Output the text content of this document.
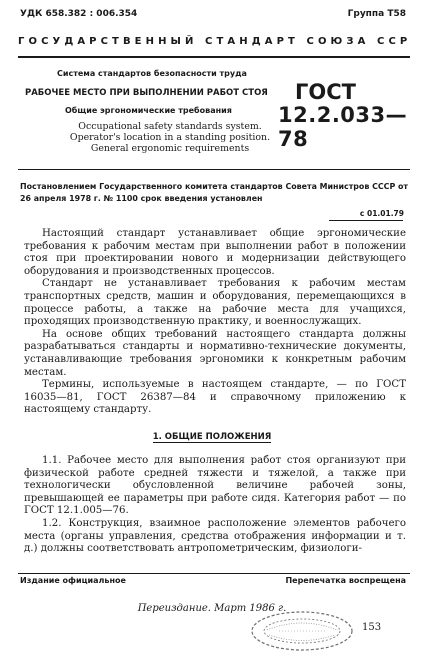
УДК 658.382 : 006.354	Группа Т58
ГОСУДАРСТВЕННЫЙ СТАНДАРТ СОЮЗА ССР
Система стандартов безопасности труда
РАБОЧЕЕ МЕСТО ПРИ ВЫПОЛНЕНИИ РАБОТ СТОЯ
Общие эргономические требования
ГОСТ
12.2.033—78
Occupational safety standards system.
Operator's location in a standing position.
General ergonomic requirements
Постановлением Государственного комитета стандартов Совета Министров СССР от 26 апреля 1978 г. № 1100 срок введения установлен
с 01.01.79

Настоящий стандарт устанавливает общие эргономические требования к рабочим местам при выполнении работ в положении стоя при проектировании нового и модернизации действующего оборудования и производственных процессов.

Стандарт не устанавливает требования к рабочим местам транспортных средств, машин и оборудования, перемещающихся в процессе работы, а также на рабочие места для учащихся, проходящих производственную практику, и военнослужащих.

На основе общих требований настоящего стандарта должны разрабатываться стандарты и нормативно-технические документы, устанавливающие требования эргономики к конкретным рабочим местам.

Термины, используемые в настоящем стандарте, — по ГОСТ 16035—81, ГОСТ 26387—84 и справочному приложению к настоящему стандарту.

1. ОБЩИЕ ПОЛОЖЕНИЯ

1.1. Рабочее место для выполнения работ стоя организуют при физической работе средней тяжести и тяжелой, а также при технологически обусловленной величине рабочей зоны, превышающей ее параметры при работе сидя. Категория работ — по ГОСТ 12.1.005—76.

1.2. Конструкция, взаимное расположение элементов рабочего места (органы управления, средства отображения информации и т. д.) должны соответствовать антропометрическим, физиологи-

Издание официальное	Перепечатка воспрещена
Переиздание. Март 1986 г.
153
